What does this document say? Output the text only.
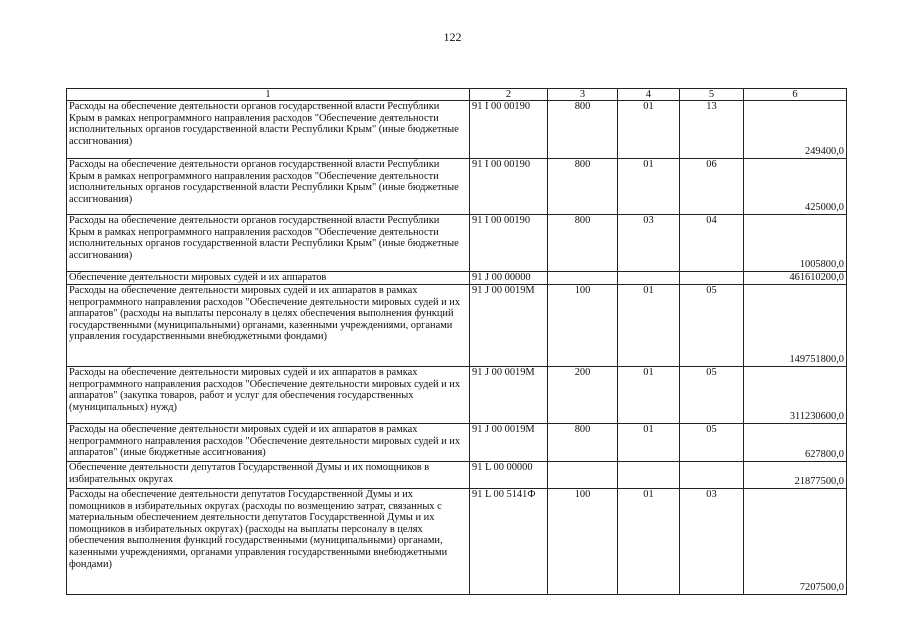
122
1	2	3	4	5	6
Расходы на обеспечение деятельности органов государственной власти Республики Крым в рамках непрограммного направления расходов "Обеспечение деятельности исполнительных органов государственной власти Республики Крым" (иные бюджетные ассигнования)	91 I 00 00190	800	01	13	249400,0
Расходы на обеспечение деятельности органов государственной власти Республики Крым в рамках непрограммного направления расходов "Обеспечение деятельности исполнительных органов государственной власти Республики Крым" (иные бюджетные ассигнования)	91 I 00 00190	800	01	06	425000,0
Расходы на обеспечение деятельности органов государственной власти Республики Крым в рамках непрограммного направления расходов "Обеспечение деятельности исполнительных органов государственной власти Республики Крым" (иные бюджетные ассигнования)	91 I 00 00190	800	03	04	1005800,0
Обеспечение деятельности мировых судей и их аппаратов	91 J 00 00000				461610200,0
Расходы на обеспечение деятельности мировых судей и их аппаратов в рамках непрограммного направления расходов "Обеспечение деятельности мировых судей и их аппаратов" (расходы на выплаты персоналу в целях обеспечения выполнения функций государственными (муниципальными) органами, казенными учреждениями, органами управления государственными внебюджетными фондами)	91 J 00 0019M	100	01	05	149751800,0
Расходы на обеспечение деятельности мировых судей и их аппаратов в рамках непрограммного направления расходов "Обеспечение деятельности мировых судей и их аппаратов" (закупка товаров, работ и услуг для обеспечения государственных (муниципальных) нужд)	91 J 00 0019M	200	01	05	311230600,0
Расходы на обеспечение деятельности мировых судей и их аппаратов в рамках непрограммного направления расходов "Обеспечение деятельности мировых судей и их аппаратов" (иные бюджетные ассигнования)	91 J 00 0019M	800	01	05	627800,0
Обеспечение деятельности депутатов Государственной Думы и их помощников в избирательных округах	91 L 00 00000				21877500,0
Расходы на обеспечение деятельности депутатов Государственной Думы и их помощников в избирательных округах (расходы по возмещению затрат, связанных с материальным обеспечением деятельности депутатов Государственной Думы и их помощников в избирательных округах) (расходы на выплаты персоналу в целях обеспечения выполнения функций государственными (муниципальными) органами, казенными учреждениями, органами управления государственными внебюджетными фондами)	91 L 00 5141Ф	100	01	03	7207500,0
